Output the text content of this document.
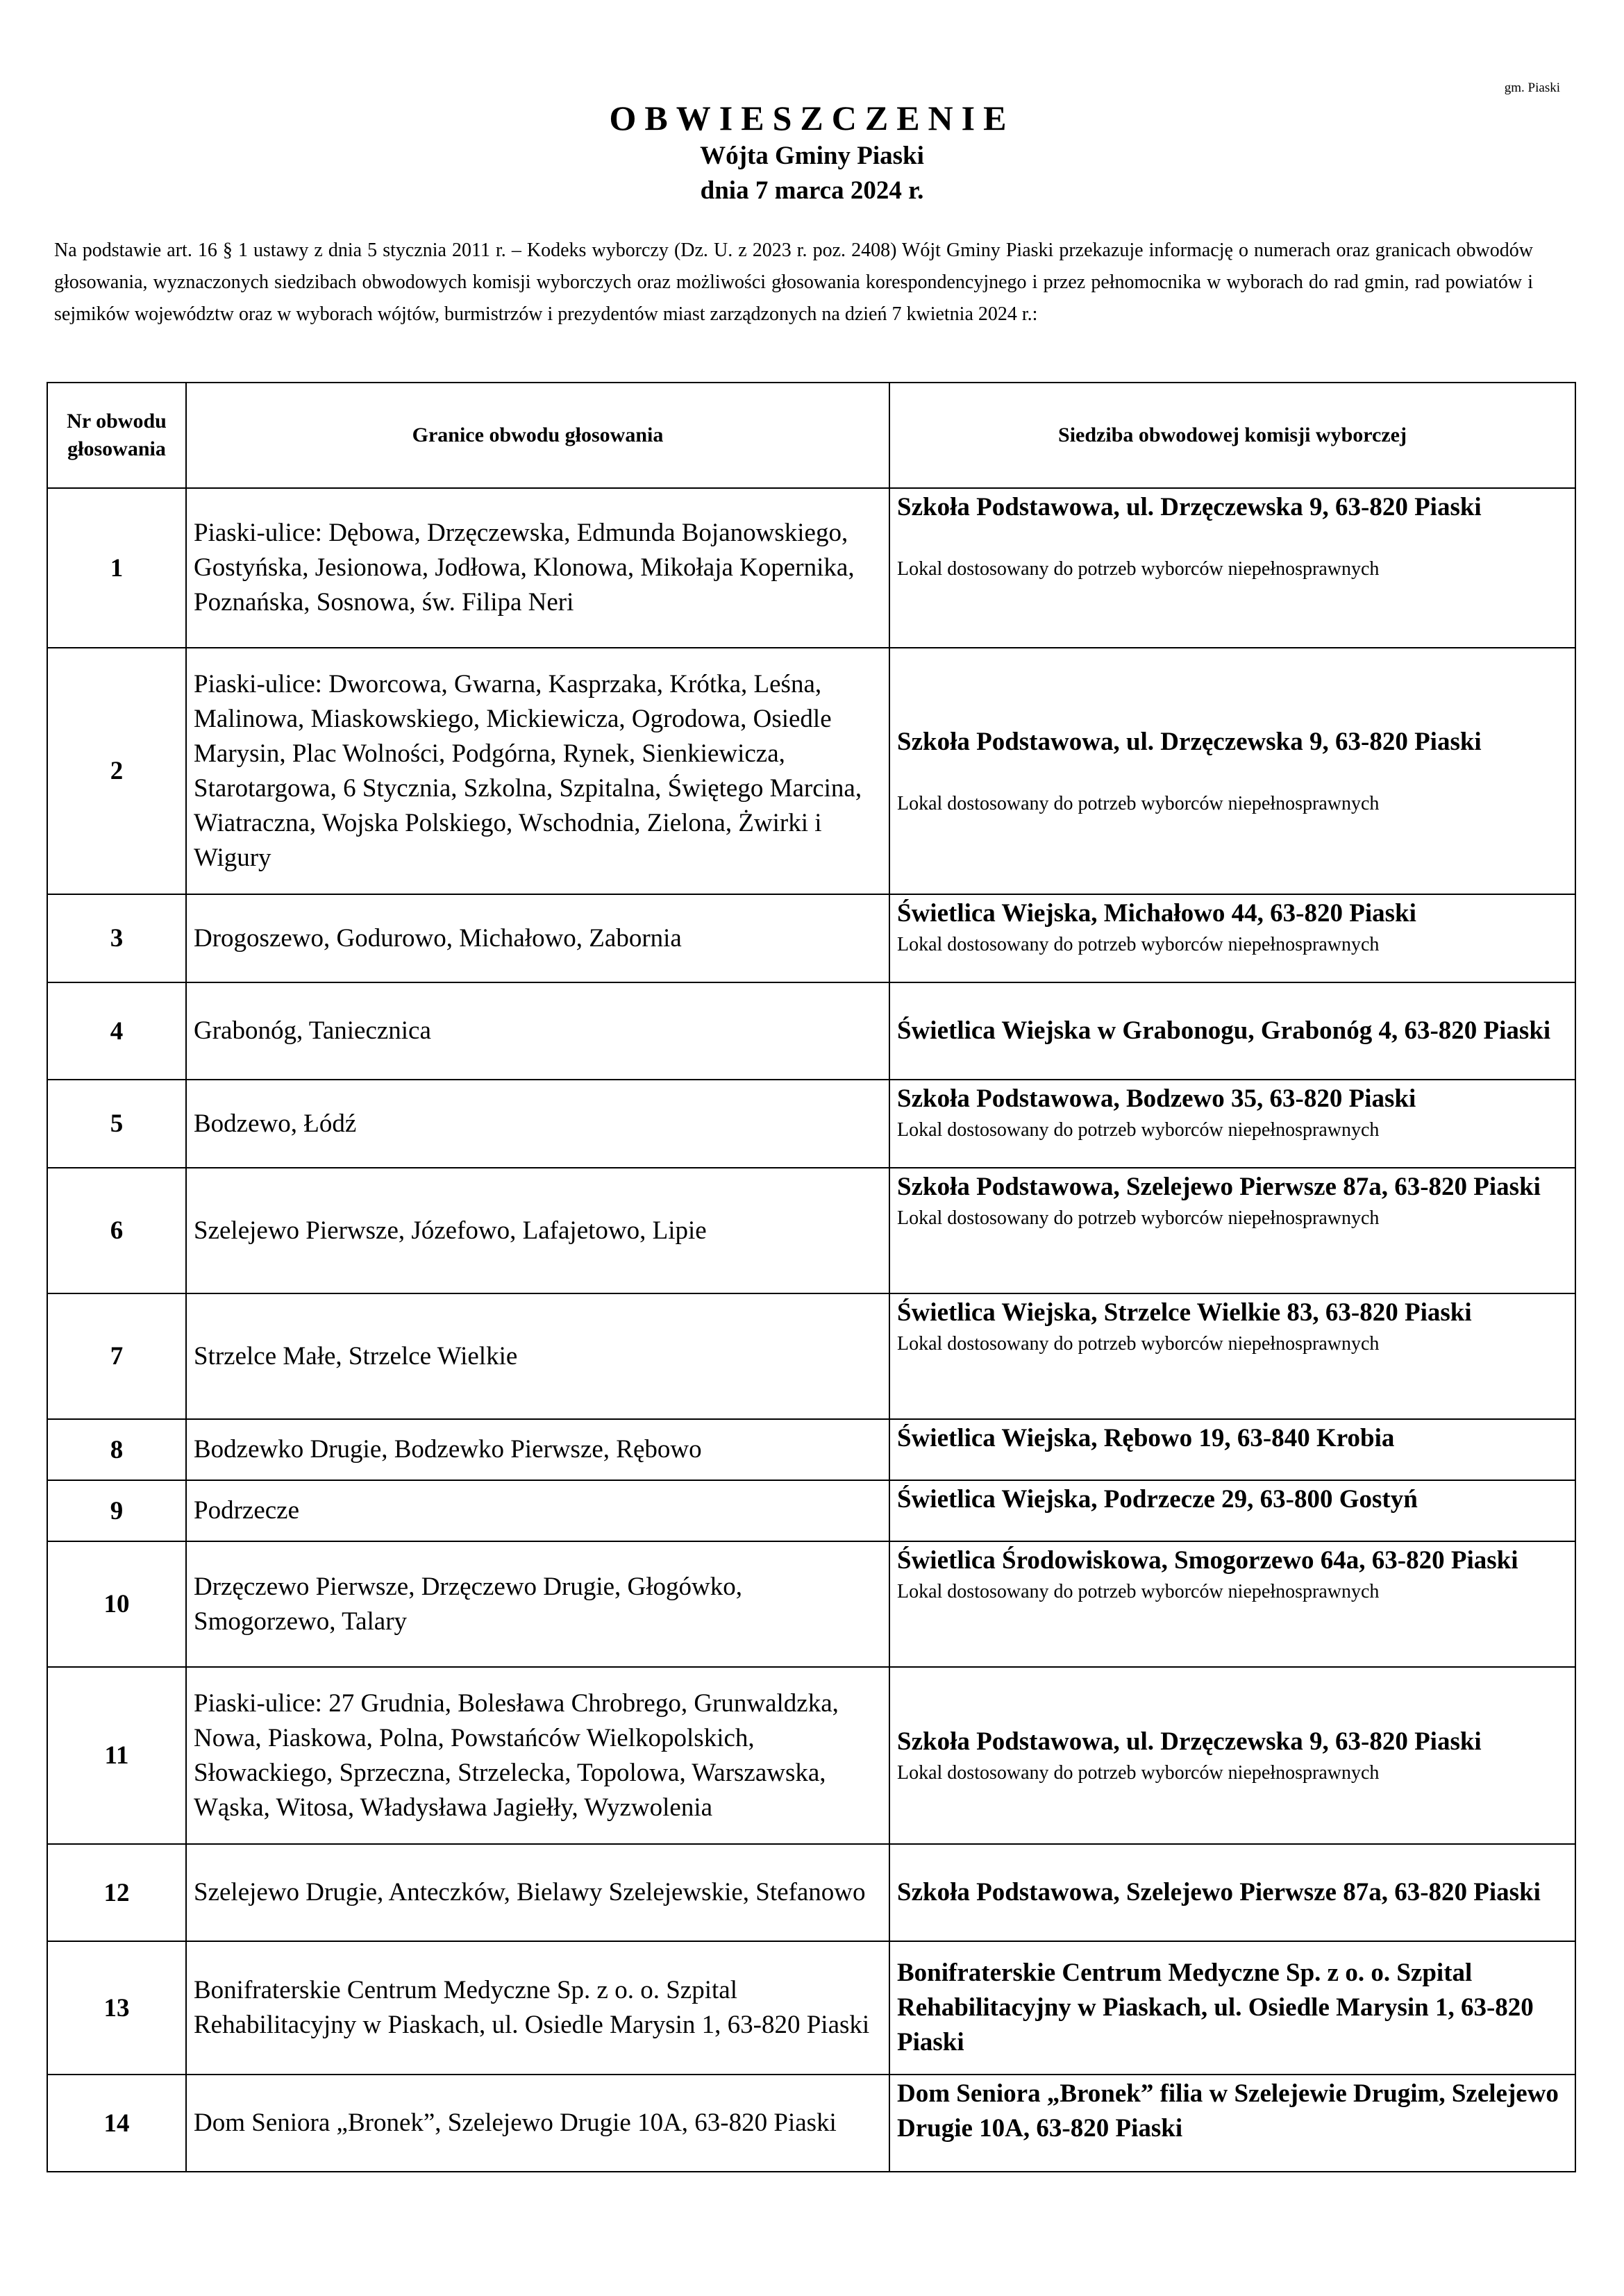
gm. Piaski

OBWIESZCZENIE

Wójta Gminy Piaski

dnia 7 marca 2024 r.

Na podstawie art. 16 § 1 ustawy z dnia 5 stycznia 2011 r. – Kodeks wyborczy (Dz. U. z 2023 r. poz. 2408) Wójt Gminy Piaski przekazuje informację o numerach oraz granicach obwodów głosowania, wyznaczonych siedzibach obwodowych komisji wyborczych oraz możliwości głosowania korespondencyjnego i przez pełnomocnika w wyborach do rad gmin, rad powiatów i sejmików województw oraz w wyborach wójtów, burmistrzów i prezydentów miast zarządzonych na dzień 7 kwietnia 2024 r.:
Nr obwodu głosowania	Granice obwodu głosowania	Siedziba obwodowej komisji wyborczej
1	Piaski-ulice: Dębowa, Drzęczewska, Edmunda Bojanowskiego, Gostyńska, Jesionowa, Jodłowa, Klonowa, Mikołaja Kopernika, Poznańska, Sosnowa, św. Filipa Neri	Szkoła Podstawowa, ul. Drzęczewska 9, 63-820 Piaski
Lokal dostosowany do potrzeb wyborców niepełnosprawnych

2	Piaski-ulice: Dworcowa, Gwarna, Kasprzaka, Krótka, Leśna, Malinowa, Miaskowskiego, Mickiewicza, Ogrodowa, Osiedle Marysin, Plac Wolności, Podgórna, Rynek, Sienkiewicza, Starotargowa, 6 Stycznia, Szkolna, Szpitalna, Świętego Marcina, Wiatraczna, Wojska Polskiego, Wschodnia, Zielona, Żwirki i Wigury	Szkoła Podstawowa, ul. Drzęczewska 9, 63-820 Piaski
Lokal dostosowany do potrzeb wyborców niepełnosprawnych

3	Drogoszewo, Godurowo, Michałowo, Zabornia	Świetlica Wiejska, Michałowo 44, 63-820 Piaski
Lokal dostosowany do potrzeb wyborców niepełnosprawnych

4	Grabonóg, Taniecznica	Świetlica Wiejska w Grabonogu, Grabonóg 4, 63-820 Piaski

5	Bodzewo, Łódź	Szkoła Podstawowa, Bodzewo 35, 63-820 Piaski
Lokal dostosowany do potrzeb wyborców niepełnosprawnych

6	Szelejewo Pierwsze, Józefowo, Lafajetowo, Lipie	Szkoła Podstawowa, Szelejewo Pierwsze 87a, 63-820 Piaski
Lokal dostosowany do potrzeb wyborców niepełnosprawnych

7	Strzelce Małe, Strzelce Wielkie	Świetlica Wiejska, Strzelce Wielkie 83, 63-820 Piaski
Lokal dostosowany do potrzeb wyborców niepełnosprawnych

8	Bodzewko Drugie, Bodzewko Pierwsze, Rębowo	Świetlica Wiejska, Rębowo 19, 63-840 Krobia

9	Podrzecze	Świetlica Wiejska, Podrzecze 29, 63-800 Gostyń

10	Drzęczewo Pierwsze, Drzęczewo Drugie, Głogówko, Smogorzewo, Talary	Świetlica Środowiskowa, Smogorzewo 64a, 63-820 Piaski
Lokal dostosowany do potrzeb wyborców niepełnosprawnych

11	Piaski-ulice: 27 Grudnia, Bolesława Chrobrego, Grunwaldzka, Nowa, Piaskowa, Polna, Powstańców Wielkopolskich, Słowackiego, Sprzeczna, Strzelecka, Topolowa, Warszawska, Wąska, Witosa, Władysława Jagiełły, Wyzwolenia	Szkoła Podstawowa, ul. Drzęczewska 9, 63-820 Piaski
Lokal dostosowany do potrzeb wyborców niepełnosprawnych

12	Szelejewo Drugie, Anteczków, Bielawy Szelejewskie, Stefanowo	Szkoła Podstawowa, Szelejewo Pierwsze 87a, 63-820 Piaski

13	Bonifraterskie Centrum Medyczne Sp. z o. o. Szpital Rehabilitacyjny w Piaskach, ul. Osiedle Marysin 1, 63-820 Piaski	Bonifraterskie Centrum Medyczne Sp. z o. o. Szpital Rehabilitacyjny w Piaskach, ul. Osiedle Marysin 1, 63-820 Piaski

14	Dom Seniora „Bronek”, Szelejewo Drugie 10A, 63-820 Piaski	Dom Seniora „Bronek” filia w Szelejewie Drugim, Szelejewo Drugie 10A, 63-820 Piaski
